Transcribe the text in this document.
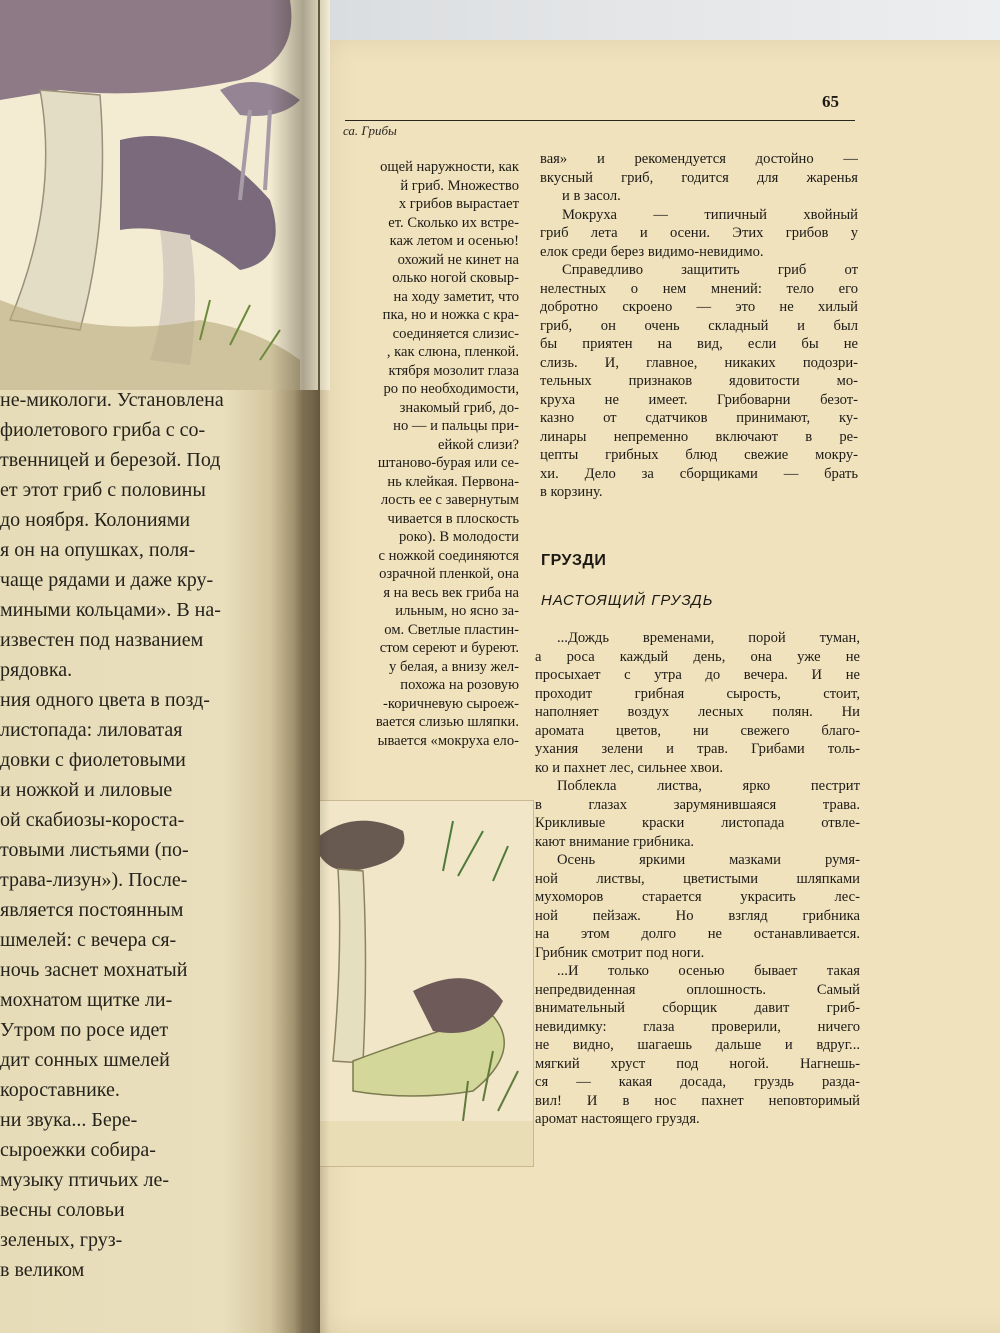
65
са. Грибы
ощей наружности, как
й гриб. Множество
х грибов вырастает
ет. Сколько их встре-
каж летом и осенью!
охожий не кинет на
олько ногой сковыр-
на ходу заметит, что
пка, но и ножка с кра-
соединяется слизис-
, как слюна, пленкой.
ктября мозолит глаза
ро по необходимости,
знакомый гриб, до-
но — и пальцы при-
ейкой слизи?
штаново-бурая или се-
нь клейкая. Первона-
лость ее с завернутым
чивается в плоскость
роко). В молодости
с ножкой соединяются
озрачной пленкой, она
я на весь век гриба на
ильным, но ясно за-
ом. Светлые пластин-
стом сереют и буреют.
у белая, а внизу жел-
похожа на розовую
-коричневую сыроеж-
вается слизью шляпки.
ывается «мокруха ело-
вая» и рекомендуется достойно —
вкусный гриб, годится для жаренья
и в засол.
Мокруха — типичный хвойный
гриб лета и осени. Этих грибов у
елок среди берез видимо-невидимо.
Справедливо защитить гриб от
нелестных о нем мнений: тело его
добротно скроено — это не хилый
гриб, он очень складный и был
бы приятен на вид, если бы не
слизь. И, главное, никаких подозри-
тельных признаков ядовитости мо-
круха не имеет. Грибоварни безот-
казно от сдатчиков принимают, ку-
линары непременно включают в ре-
цепты грибных блюд свежие мокру-
хи. Дело за сборщиками — брать
в корзину.
ГРУЗДИ
НАСТОЯЩИЙ ГРУЗДЬ
...Дождь временами, порой туман,
а роса каждый день, она уже не
просыхает с утра до вечера. И не
проходит грибная сырость, стоит,
наполняет воздух лесных полян. Ни
аромата цветов, ни свежего благо-
ухания зелени и трав. Грибами толь-
ко и пахнет лес, сильнее хвои.
Поблекла листва, ярко пестрит
в глазах зарумянившаяся трава.
Крикливые краски листопада отвле-
кают внимание грибника.
Осень яркими мазками румя-
ной листвы, цветистыми шляпками
мухоморов старается украсить лес-
ной пейзаж. Но взгляд грибника
на этом долго не останавливается.
Грибник смотрит под ноги.
...И только осенью бывает такая
непредвиденная оплошность. Самый
внимательный сборщик давит гриб-
невидимку: глаза проверили, ничего
не видно, шагаешь дальше и вдруг...
мягкий хруст под ногой. Нагнешь-
ся — какая досада, груздь разда-
вил! И в нос пахнет неповторимый
аромат настоящего груздя.
не-микологи. Установлена
фиолетового гриба с со-
твенницей и березой. Под
ет этот гриб с половины
до ноября. Колониями
я он на опушках, поля-
чаще рядами и даже кру-
миными кольцами». В на-
известен под названием
рядовка.
ния одного цвета в позд-
листопада: лиловатая
довки с фиолетовыми
и ножкой и лиловые
ой скабиозы-короста-
товыми листьями (по-
трава-лизун»). После-
является постоянным
шмелей: с вечера ся-
ночь заснет мохнатый
мохнатом щитке ли-
Утром по росе идет
дит сонных шмелей
короставнике.
ни звука... Бере-
сыроежки собира-
музыку птичьих ле-
весны соловьи
зеленых, груз-
в великом
